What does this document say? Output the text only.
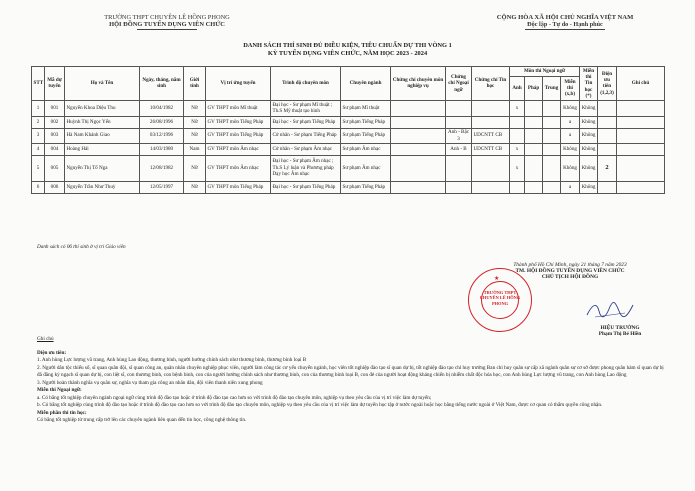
TRƯỜNG THPT CHUYÊN LÊ HỒNG PHONG
HỘI ĐỒNG TUYỂN DỤNG VIÊN CHỨC
CỘNG HÒA XÃ HỘI CHỦ NGHĨA VIỆT NAM
Độc lập - Tự do - Hạnh phúc
DANH SÁCH THÍ SINH ĐỦ ĐIỀU KIỆN, TIÊU CHUẨN DỰ THI VÒNG 1
KỲ TUYỂN DỤNG VIÊN CHỨC, NĂM HỌC 2023 - 2024
STT	Mã dự tuyển	Họ và Tên	Ngày, tháng, năm sinh	Giới tính	Vị trí ứng tuyển	Trình độ chuyên môn	Chuyên ngành	Chứng chỉ chuyên môn nghiệp vụ	Chứng chỉ Ngoại ngữ	Chứng chỉ Tin học	Môn thi Ngoại ngữ				Miễn thi Tin học (*)	Điện ưu tiên (1,2,3)	Ghi chú
											Anh	Pháp	Trung	Miễn thi (x,b)			
1	001	Nguyễn Khoa Diệu Thu	10/04/1982	Nữ	GV THPT môn Mĩ thuật	Đại học - Sư phạm Mĩ thuật ; Th.S Mỹ thuật tạo hình	Sư phạm Mĩ thuật				x			Không	Không		
2	002	Huỳnh Thị Ngọc Yến	26/08/1996	Nữ	GV THPT môn Tiếng Pháp	Đại học - Sư phạm Tiếng Pháp	Sư phạm Tiếng Pháp							a	Không		
3	003	Hà Nam Khánh Giao	03/12/1996	Nữ	GV THPT môn Tiếng Pháp	Cử nhân - Sư phạm Tiếng Pháp	Sư phạm Tiếng Pháp		Anh - Bậc 3	UDCNTT CB				a	Không		
4	004	Hoàng Hải	14/03/1980	Nam	GV THPT môn Âm nhạc	Cử nhân - Sư phạm Âm nhạc	Sư phạm Âm nhạc		Anh - B	UDCNTT CB	x			Không	Không		
5	005	Nguyễn Thị Tố Nga	12/08/1982	Nữ	GV THPT môn Âm nhạc	Đại học - Sư phạm Âm nhạc ; Th.S Lý luận và Phương pháp Dạy học Âm nhạc	Sư phạm Âm nhạc				x			Không	Không	2	
6	006	Nguyễn Trần Như Thuỳ	12/05/1997	Nữ	GV THPT môn Tiếng Pháp	Đại học - Sư phạm Tiếng Pháp	Sư phạm Tiếng Pháp							a	Không		
Danh sách có 06 thí sinh ở vị trí Giáo viên
Thành phố Hồ Chí Minh, ngày 21 tháng 7 năm 2023
TM. HỘI ĐỒNG TUYỂN DỤNG VIÊN CHỨC
CHỦ TỊCH HỘI ĐỒNG
★
TRƯỜNG THPT CHUYÊN LÊ HỒNG PHONG
HIỆU TRƯỞNG
Phạm Thị Bé Hiền

Ghi chú

Diện ưu tiên:

1. Anh hùng Lực lượng vũ trang, Anh hùng Lao động, thương binh, người hưởng chính sách như thương binh, thương binh loại B

2. Người dân tộc thiểu số, sĩ quan quân đội, sĩ quan công an, quân nhân chuyên nghiệp phục viên, người làm công tác cơ yếu chuyển ngành, học viên tốt nghiệp đào tạo sĩ quan dự bị, tốt nghiệp đào tạo chỉ huy trưởng Ban chỉ huy quân sự cấp xã ngành quân sự cơ sở được phong quân hàm sĩ quan dự bị đã đăng ký ngạch sĩ quan dự bị, con liệt sĩ, con thương binh, con bệnh binh, con của người hưởng chính sách như thương binh, con của thương binh loại B, con đẻ của người hoạt động kháng chiến bị nhiễm chất độc hóa học, con Anh hùng Lực lượng vũ trang, con Anh hùng Lao động

3. Người hoàn thành nghĩa vụ quân sự, nghĩa vụ tham gia công an nhân dân, đội viên thanh niên xung phong

Miễn thi Ngoại ngữ:

a. Có bằng tốt nghiệp chuyên ngành ngoại ngữ cùng trình độ đào tạo hoặc ở trình độ đào tạo cao hơn so với trình độ đào tạo chuyên môn, nghiệp vụ theo yêu cầu của vị trí việc làm dự tuyển;

b. Có bằng tốt nghiệp cùng trình độ đào tạo hoặc ở trình độ đào tạo cao hơn so với trình độ đào tạo chuyên môn, nghiệp vụ theo yêu cầu của vị trí việc làm dự tuyển học tập ở nước ngoài hoặc học bằng tiếng nước ngoài ở Việt Nam, được cơ quan có thẩm quyền công nhận.

Miễn phần thi tin học:

Có bằng tốt nghiệp từ trung cấp trở lên các chuyên ngành liên quan đến tin học, công nghệ thông tin.
